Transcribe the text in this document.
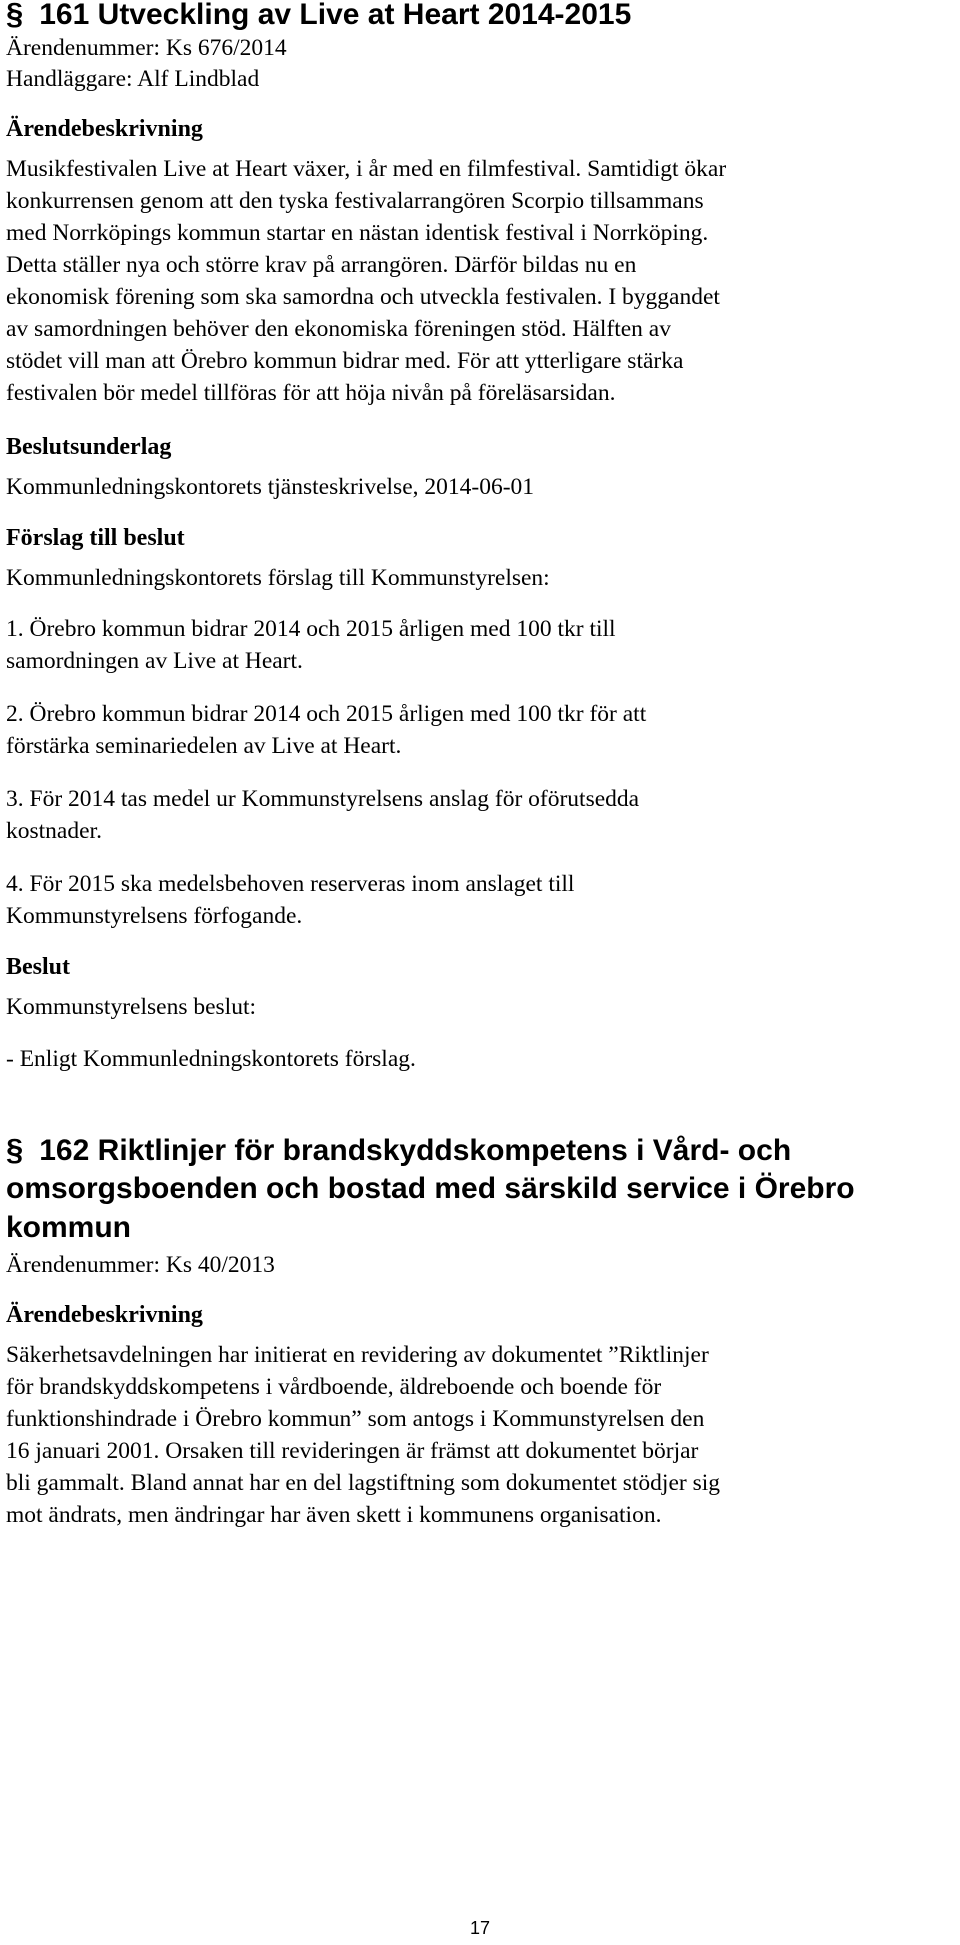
§ 161 Utveckling av Live at Heart 2014-2015
Ärendenummer: Ks 676/2014
Handläggare: Alf Lindblad
Ärendebeskrivning
Musikfestivalen Live at Heart växer, i år med en filmfestival. Samtidigt ökar
konkurrensen genom att den tyska festivalarrangören Scorpio tillsammans
med Norrköpings kommun startar en nästan identisk festival i Norrköping.
Detta ställer nya och större krav på arrangören. Därför bildas nu en
ekonomisk förening som ska samordna och utveckla festivalen. I byggandet
av samordningen behöver den ekonomiska föreningen stöd. Hälften av
stödet vill man att Örebro kommun bidrar med. För att ytterligare stärka
festivalen bör medel tillföras för att höja nivån på föreläsarsidan.
Beslutsunderlag
Kommunledningskontorets tjänsteskrivelse, 2014-06-01
Förslag till beslut
Kommunledningskontorets förslag till Kommunstyrelsen:
1. Örebro kommun bidrar 2014 och 2015 årligen med 100 tkr till
samordningen av Live at Heart.
2. Örebro kommun bidrar 2014 och 2015 årligen med 100 tkr för att
förstärka seminariedelen av Live at Heart.
3. För 2014 tas medel ur Kommunstyrelsens anslag för oförutsedda
kostnader.
4. För 2015 ska medelsbehoven reserveras inom anslaget till
Kommunstyrelsens förfogande.
Beslut
Kommunstyrelsens beslut:
- Enligt Kommunledningskontorets förslag.
§ 162 Riktlinjer för brandskyddskompetens i Vård- och
omsorgsboenden och bostad med särskild service i Örebro
kommun
Ärendenummer: Ks 40/2013
Ärendebeskrivning
Säkerhetsavdelningen har initierat en revidering av dokumentet ”Riktlinjer
för brandskyddskompetens i vårdboende, äldreboende och boende för
funktionshindrade i Örebro kommun” som antogs i Kommunstyrelsen den
16 januari 2001. Orsaken till revideringen är främst att dokumentet börjar
bli gammalt. Bland annat har en del lagstiftning som dokumentet stödjer sig
mot ändrats, men ändringar har även skett i kommunens organisation.
17
